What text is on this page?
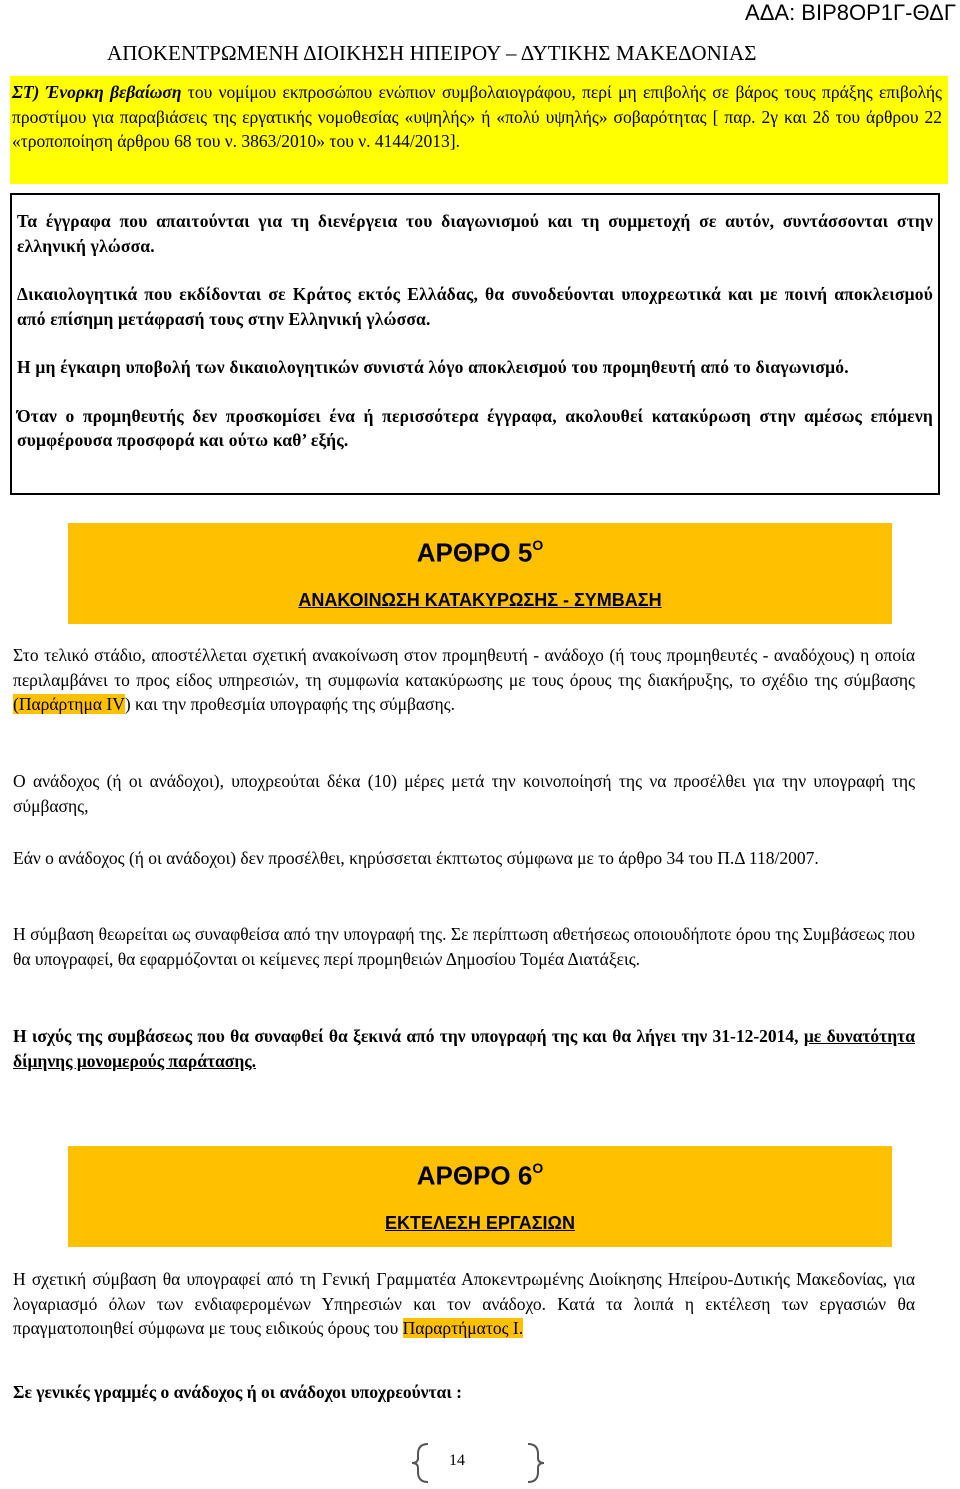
ΑΔΑ: ΒΙΡ8ΟΡ1Γ-ΘΔΓ
ΑΠΟΚΕΝΤΡΩΜΕΝΗ ΔΙΟΙΚΗΣΗ ΗΠΕΙΡΟΥ – ΔΥΤΙΚΗΣ ΜΑΚΕΔΟΝΙΑΣ

ΣΤ) Ένορκη βεβαίωση του νομίμου εκπροσώπου ενώπιον συμβολαιογράφου, περί μη επιβολής σε βάρος τους πράξης επιβολής προστίμου για παραβιάσεις της εργατικής νομοθεσίας «υψηλής» ή «πολύ υψηλής» σοβαρότητας [ παρ. 2γ και 2δ του άρθρου 22 «τροποποίηση άρθρου 68 του ν. 3863/2010» του ν. 4144/2013].

Τα έγγραφα που απαιτούνται για τη διενέργεια του διαγωνισμού και τη συμμετοχή σε αυτόν, συντάσσονται στην ελληνική γλώσσα.

Δικαιολογητικά που εκδίδονται σε Κράτος εκτός Ελλάδας, θα συνοδεύονται υποχρεωτικά και με ποινή αποκλεισμού από επίσημη μετάφρασή τους στην Ελληνική γλώσσα.

Η μη έγκαιρη υποβολή των δικαιολογητικών συνιστά λόγο αποκλεισμού του προμηθευτή από το διαγωνισμό.

Όταν ο προμηθευτής δεν προσκομίσει ένα ή περισσότερα έγγραφα, ακολουθεί κατακύρωση στην αμέσως επόμενη συμφέρουσα προσφορά και ούτω καθ’ εξής.

ΑΡΘΡΟ $5^O$
ΑΝΑΚΟΙΝΩΣΗ ΚΑΤΑΚΥΡΩΣΗΣ - ΣΥΜΒΑΣΗ

Στο τελικό στάδιο, αποστέλλεται σχετική ανακοίνωση στον προμηθευτή - ανάδοχο (ή τους προμηθευτές - αναδόχους) η οποία περιλαμβάνει το προς είδος υπηρεσιών, τη συμφωνία κατακύρωσης με τους όρους της διακήρυξης, το σχέδιο της σύμβασης (Παράρτημα IV) και την προθεσμία υπογραφής της σύμβασης.

Ο ανάδοχος (ή οι ανάδοχοι), υποχρεούται δέκα (10) μέρες μετά την κοινοποίησή της να προσέλθει για την υπογραφή της σύμβασης,

Εάν ο ανάδοχος (ή οι ανάδοχοι) δεν προσέλθει, κηρύσσεται έκπτωτος σύμφωνα με το άρθρο 34 του Π.Δ 118/2007.

Η σύμβαση θεωρείται ως συναφθείσα από την υπογραφή της. Σε περίπτωση αθετήσεως οποιουδήποτε όρου της Συμβάσεως που θα υπογραφεί, θα εφαρμόζονται οι κείμενες περί προμηθειών Δημοσίου Τομέα Διατάξεις.

Η ισχύς της συμβάσεως που θα συναφθεί θα ξεκινά από την υπογραφή της και θα λήγει την 31-12-2014, με δυνατότητα δίμηνης μονομερούς παράτασης.

ΑΡΘΡΟ $6^O$
ΕΚΤΕΛΕΣΗ ΕΡΓΑΣΙΩΝ

Η σχετική σύμβαση θα υπογραφεί από τη Γενική Γραμματέα Αποκεντρωμένης Διοίκησης Ηπείρου-Δυτικής Μακεδονίας, για λογαριασμό όλων των ενδιαφερομένων Υπηρεσιών και τον ανάδοχο. Κατά τα λοιπά η εκτέλεση των εργασιών θα πραγματοποιηθεί σύμφωνα με τους ειδικούς όρους του Παραρτήματος Ι.

Σε γενικές γραμμές ο ανάδοχος ή οι ανάδοχοι υποχρεούνται :

14
